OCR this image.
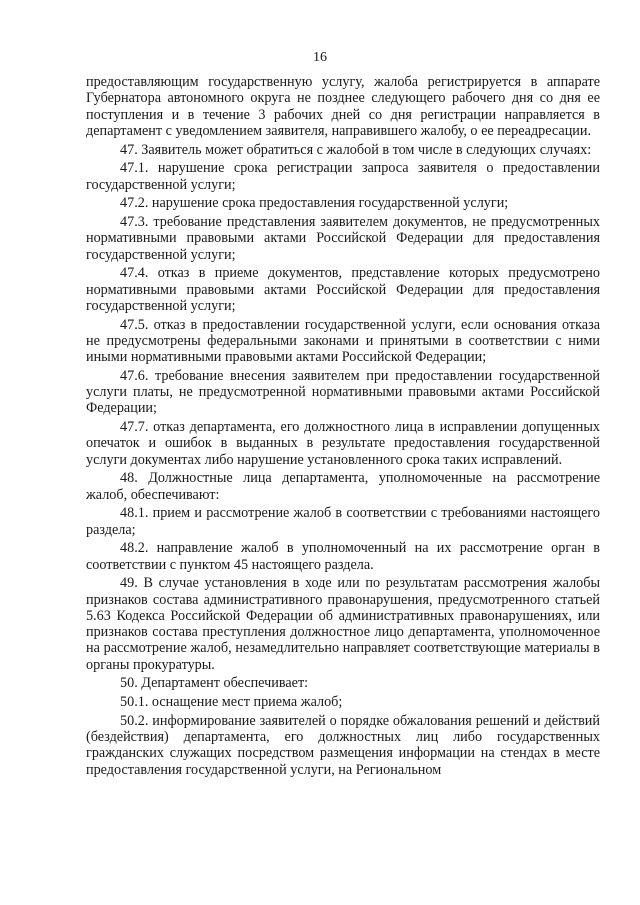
16

предоставляющим государственную услугу, жалоба регистрируется в аппарате Губернатора автономного округа не позднее следующего рабочего дня со дня ее поступления и в течение 3 рабочих дней со дня регистрации направляется в департамент с уведомлением заявителя, направившего жалобу, о ее переадресации.

47. Заявитель может обратиться с жалобой в том числе в следующих случаях:

47.1. нарушение срока регистрации запроса заявителя о предоставлении государственной услуги;

47.2. нарушение срока предоставления государственной услуги;

47.3. требование представления заявителем документов, не предусмотренных нормативными правовыми актами Российской Федерации для предоставления государственной услуги;

47.4. отказ в приеме документов, представление которых предусмотрено нормативными правовыми актами Российской Федерации для предоставления государственной услуги;

47.5. отказ в предоставлении государственной услуги, если основания отказа не предусмотрены федеральными законами и принятыми в соответствии с ними иными нормативными правовыми актами Российской Федерации;

47.6. требование внесения заявителем при предоставлении государственной услуги платы, не предусмотренной нормативными правовыми актами Российской Федерации;

47.7. отказ департамента, его должностного лица в исправлении допущенных опечаток и ошибок в выданных в результате предоставления государственной услуги документах либо нарушение установленного срока таких исправлений.

48. Должностные лица департамента, уполномоченные на рассмотрение жалоб, обеспечивают:

48.1. прием и рассмотрение жалоб в соответствии с требованиями настоящего раздела;

48.2. направление жалоб в уполномоченный на их рассмотрение орган в соответствии с пунктом 45 настоящего раздела.

49. В случае установления в ходе или по результатам рассмотрения жалобы признаков состава административного правонарушения, предусмотренного статьей 5.63 Кодекса Российской Федерации об административных правонарушениях, или признаков состава преступления должностное лицо департамента, уполномоченное на рассмотрение жалоб, незамедлительно направляет соответствующие материалы в органы прокуратуры.

50. Департамент обеспечивает:

50.1. оснащение мест приема жалоб;

50.2. информирование заявителей о порядке обжалования решений и действий (бездействия) департамента, его должностных лиц либо государственных гражданских служащих посредством размещения информации на стендах в месте предоставления государственной услуги, на Региональном
